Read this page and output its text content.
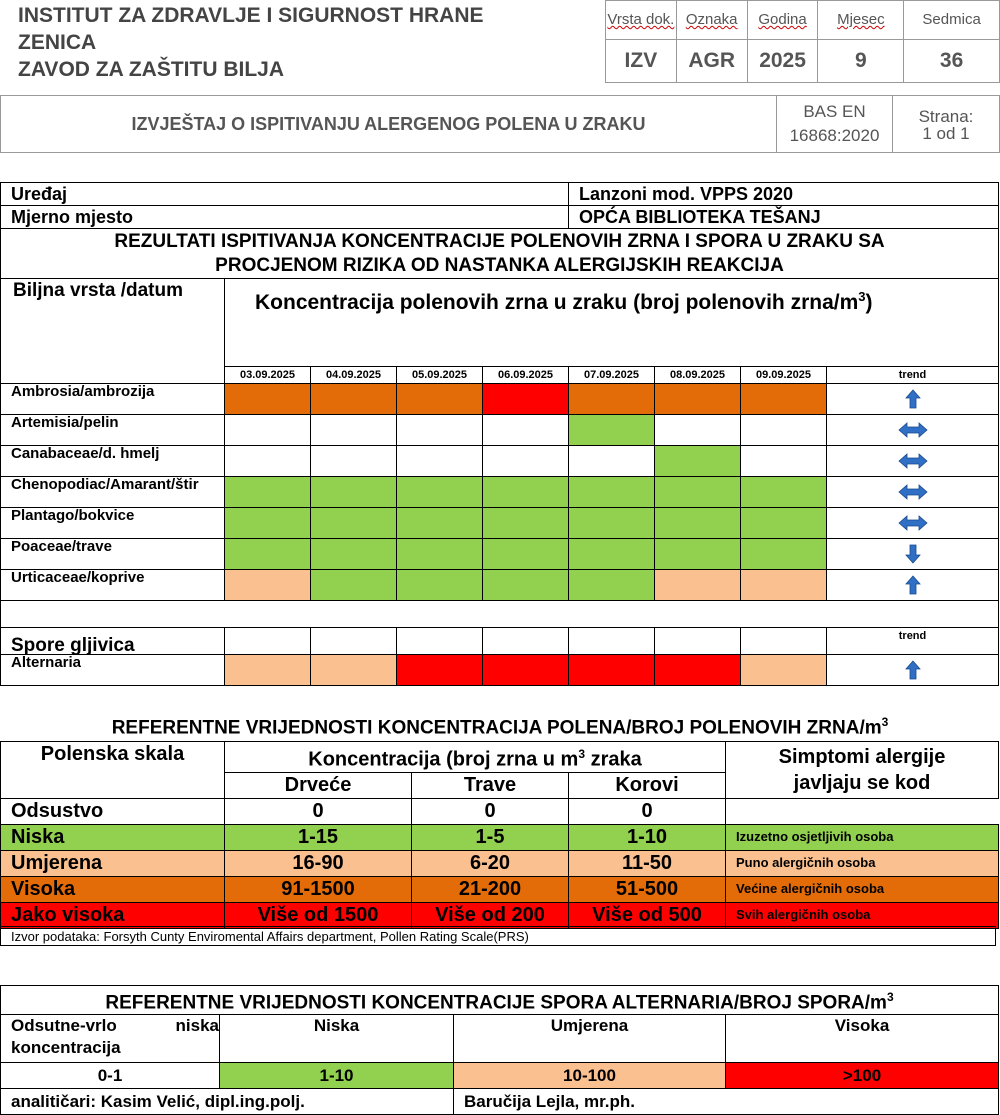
INSTITUT ZA ZDRAVLJE I SIGURNOST HRANE
ZENICA
ZAVOD ZA ZAŠTITU BILJA
Vrsta dok.	Oznaka	Godina	Mjesec	Sedmica
IZV	AGR	2025	9	36
IZVJEŠTAJ O ISPITIVANJU ALERGENOG POLENA U ZRAKU	
BAS EN
16868:2020

Strana:
1 od 1
Uređaj					Lanzoni mod. VPPS 2020			
Mjerno mjesto					OPĆA BIBLIOTEKA TEŠANJ			

REZULTATI ISPITIVANJA KONCENTRACIJE POLENOVIH ZRNA I SPORA U ZRAKU SA
PROCJENOM RIZIKA OD NASTANKA ALERGIJSKIH REAKCIJA								

Biljna vrsta /datum	Koncentracija polenovih zrna u zraku (broj polenovih zrna/$m^3$)							
	03.09.2025	04.09.2025	05.09.2025	06.09.2025	07.09.2025	08.09.2025	09.09.2025	trend
Ambrosia/ambrozija								

Artemisia/pelin								

Canabaceae/d. hmelj								

Chenopodiac/Amarant/štir								

Plantago/bokvice								

Poaceae/trave								

Urticaceae/koprive								

Spore gljivica								trend
Alternaria								
REFERENTNE VRIJEDNOSTI KONCENTRACIJA POLENA/BROJ POLENOVIH ZRNA/$m^3$
Polenska skala	Koncentracija (broj zrna u $m^3$ zraka			Simptomi alergije
javljaju se kod

	Drveće	Trave	Korovi	
Odsustvo	0	0	0	
Niska	1-15	1-5	1-10	Izuzetno osjetljivih osoba
Umjerena	16-90	6-20	11-50	Puno alergičnih osoba
Visoka	91-1500	21-200	51-500	Većine alergičnih osoba
Jako visoka	Više od 1500	Više od 200	Više od 500	Svih alergičnih osoba
Izvor podataka: Forsyth Cunty Enviromental Affairs department, Pollen Rating Scale(PRS)
REFERENTNE VRIJEDNOSTI KONCENTRACIJE SPORA ALTERNARIA/BROJ SPORA/$m^3$
Odsutne-vrlo niska koncentracija	Niska	Umjerena	Visoka
0-1	1-10	10-100	>100
analitičari: Kasim Velić, dipl.ing.polj.		Baručija Lejla, mr.ph.	
